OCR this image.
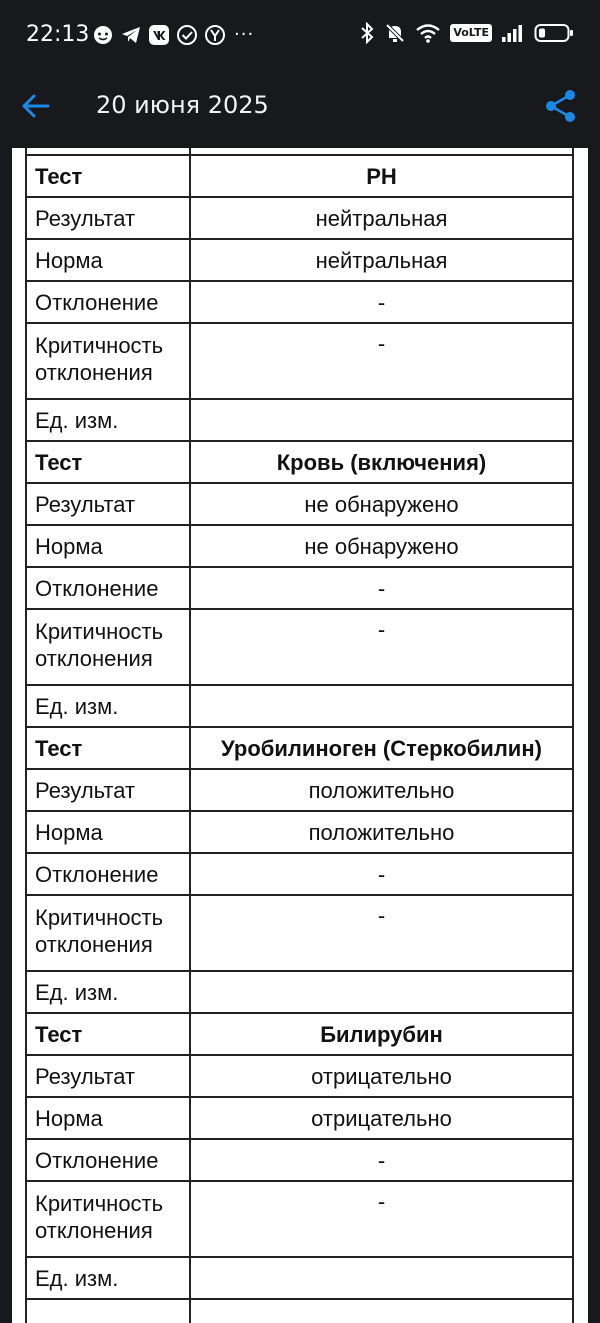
22:13	···	VoLTE
20 июня 2025
Тест	PH
Результат	нейтральная
Норма	нейтральная
Отклонение	-
Критичность отклонения	-
Ед. изм.	
Тест	Кровь (включения)
Результат	не обнаружено
Норма	не обнаружено
Отклонение	-
Критичность отклонения	-
Ед. изм.	
Тест	Уробилиноген (Стеркобилин)
Результат	положительно
Норма	положительно
Отклонение	-
Критичность отклонения	-
Ед. изм.	
Тест	Билирубин
Результат	отрицательно
Норма	отрицательно
Отклонение	-
Критичность отклонения	-
Ед. изм.	
